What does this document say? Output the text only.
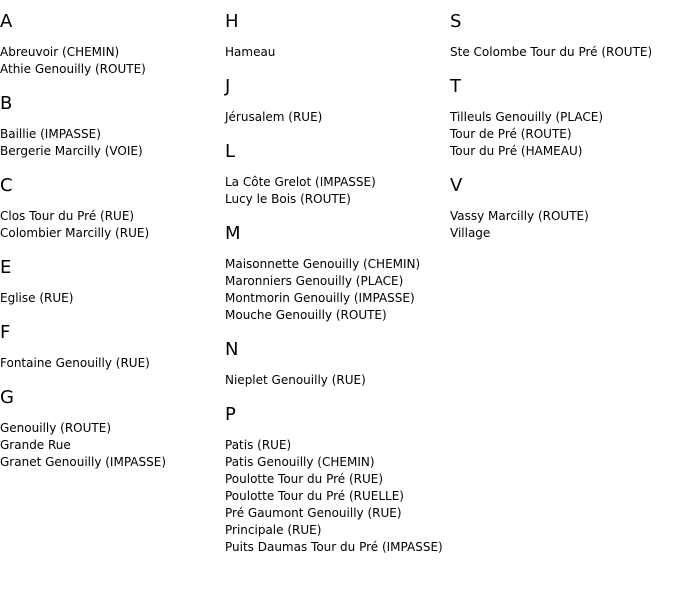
A
Abreuvoir (CHEMIN)
Athie Genouilly (ROUTE)
B
Baillie (IMPASSE)
Bergerie Marcilly (VOIE)
C
Clos Tour du Pré (RUE)
Colombier Marcilly (RUE)
E
Eglise (RUE)
F
Fontaine Genouilly (RUE)
G
Genouilly (ROUTE)
Grande Rue
Granet Genouilly (IMPASSE)
H
Hameau
J
Jérusalem (RUE)
L
La Côte Grelot (IMPASSE)
Lucy le Bois (ROUTE)
M
Maisonnette Genouilly (CHEMIN)
Maronniers Genouilly (PLACE)
Montmorin Genouilly (IMPASSE)
Mouche Genouilly (ROUTE)
N
Nieplet Genouilly (RUE)
P
Patis (RUE)
Patis Genouilly (CHEMIN)
Poulotte Tour du Pré (RUE)
Poulotte Tour du Pré (RUELLE)
Pré Gaumont Genouilly (RUE)
Principale (RUE)
Puits Daumas Tour du Pré (IMPASSE)
S
Ste Colombe Tour du Pré (ROUTE)
T
Tilleuls Genouilly (PLACE)
Tour de Pré (ROUTE)
Tour du Pré (HAMEAU)
V
Vassy Marcilly (ROUTE)
Village
